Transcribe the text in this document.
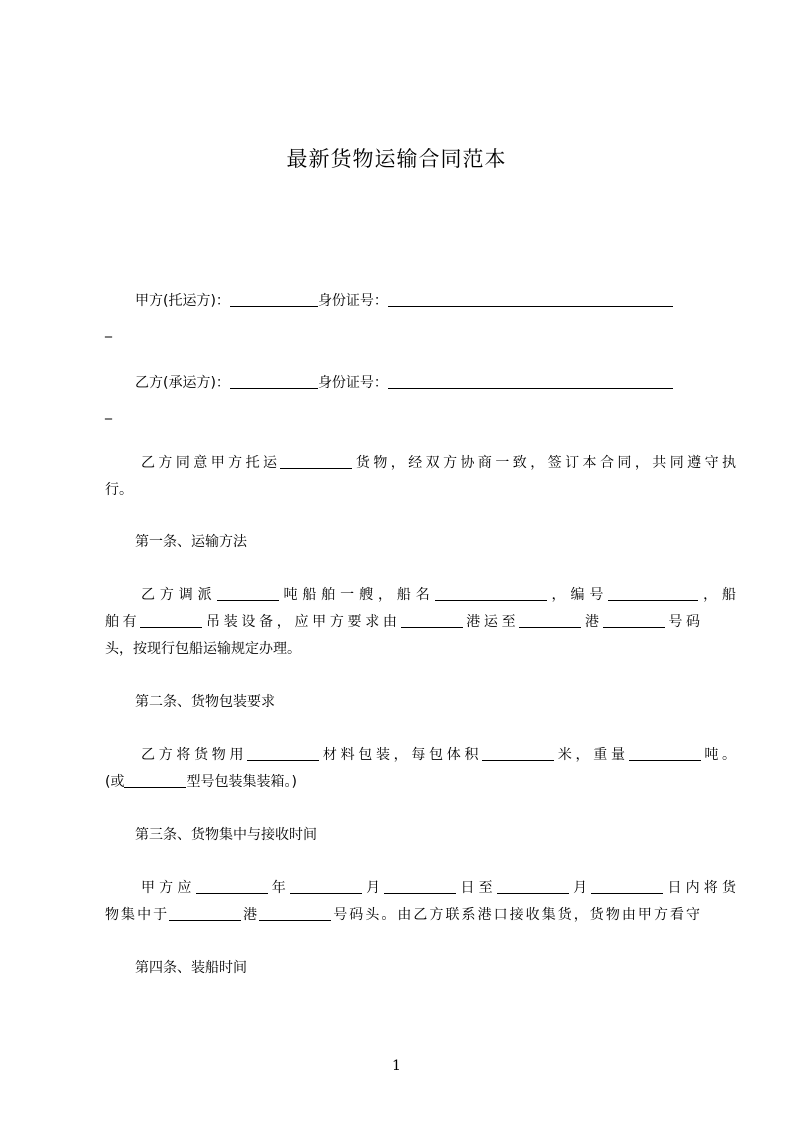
最新货物运输合同范本
甲方(托运方)：	身份证号：
_
乙方(承运方)：	身份证号：
_
乙方同意甲方托运	货物，经双方协商一致，签订本合同，共同遵守执
行。
第一条、运输方法
乙方调派	吨船舶一艘，船名	，编号	，船
舶有	吊装设备，应甲方要求由	港运至	港	号码
头，按现行包船运输规定办理。
第二条、货物包装要求
乙方将货物用	材料包装，每包体积	米，重量	吨。
(或	型号包装集装箱。)
第三条、货物集中与接收时间
甲方应	年	月	日至	月	日内将货
物集中于	港	号码头。由乙方联系港口接收集货，货物由甲方看守
第四条、装船时间
1
